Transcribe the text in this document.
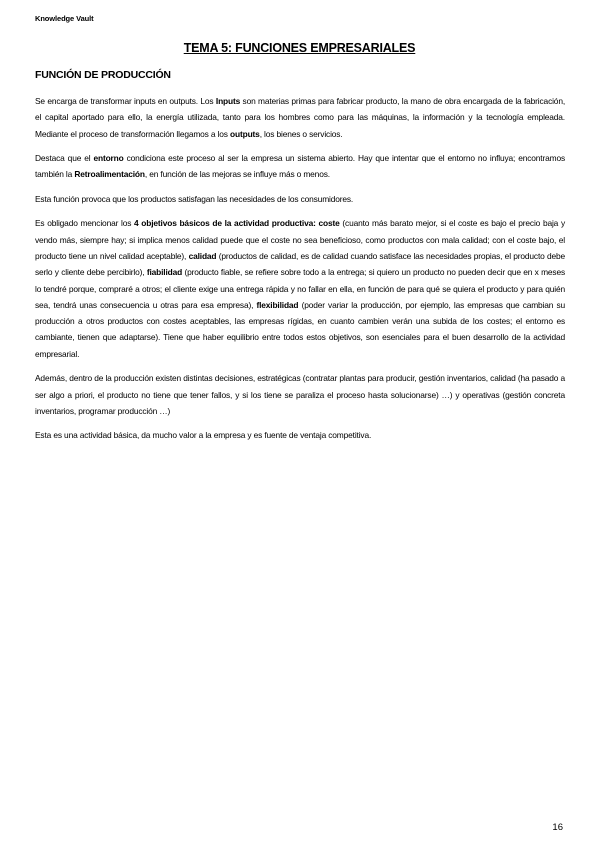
Knowledge Vault
TEMA 5: FUNCIONES EMPRESARIALES
FUNCIÓN DE PRODUCCIÓN

Se encarga de transformar inputs en outputs. Los Inputs son materias primas para fabricar producto, la mano de obra encargada de la fabricación, el capital aportado para ello, la energía utilizada, tanto para los hombres como para las máquinas, la información y la tecnología empleada. Mediante el proceso de transformación llegamos a los outputs, los bienes o servicios.

Destaca que el entorno condiciona este proceso al ser la empresa un sistema abierto. Hay que intentar que el entorno no influya; encontramos también la Retroalimentación, en función de las mejoras se influye más o menos.

Esta función provoca que los productos satisfagan las necesidades de los consumidores.

Es obligado mencionar los 4 objetivos básicos de la actividad productiva: coste (cuanto más barato mejor, si el coste es bajo el precio baja y vendo más, siempre hay; si implica menos calidad puede que el coste no sea beneficioso, como productos con mala calidad; con el coste bajo, el producto tiene un nivel calidad aceptable), calidad (productos de calidad, es de calidad cuando satisface las necesidades propias, el producto debe serlo y cliente debe percibirlo), fiabilidad (producto fiable, se refiere sobre todo a la entrega; si quiero un producto no pueden decir que en x meses lo tendré porque, compraré a otros; el cliente exige una entrega rápida y no fallar en ella, en función de para qué se quiera el producto y para quién sea, tendrá unas consecuencia u otras para esa empresa), flexibilidad (poder variar la producción, por ejemplo, las empresas que cambian su producción a otros productos con costes aceptables, las empresas rígidas, en cuanto cambien verán una subida de los costes; el entorno es cambiante, tienen que adaptarse). Tiene que haber equilibrio entre todos estos objetivos, son esenciales para el buen desarrollo de la actividad empresarial.

Además, dentro de la producción existen distintas decisiones, estratégicas (contratar plantas para producir, gestión inventarios, calidad (ha pasado a ser algo a priori, el producto no tiene que tener fallos, y si los tiene se paraliza el proceso hasta solucionarse) …) y operativas (gestión concreta inventarios, programar producción …)

Esta es una actividad básica, da mucho valor a la empresa y es fuente de ventaja competitiva.

16
